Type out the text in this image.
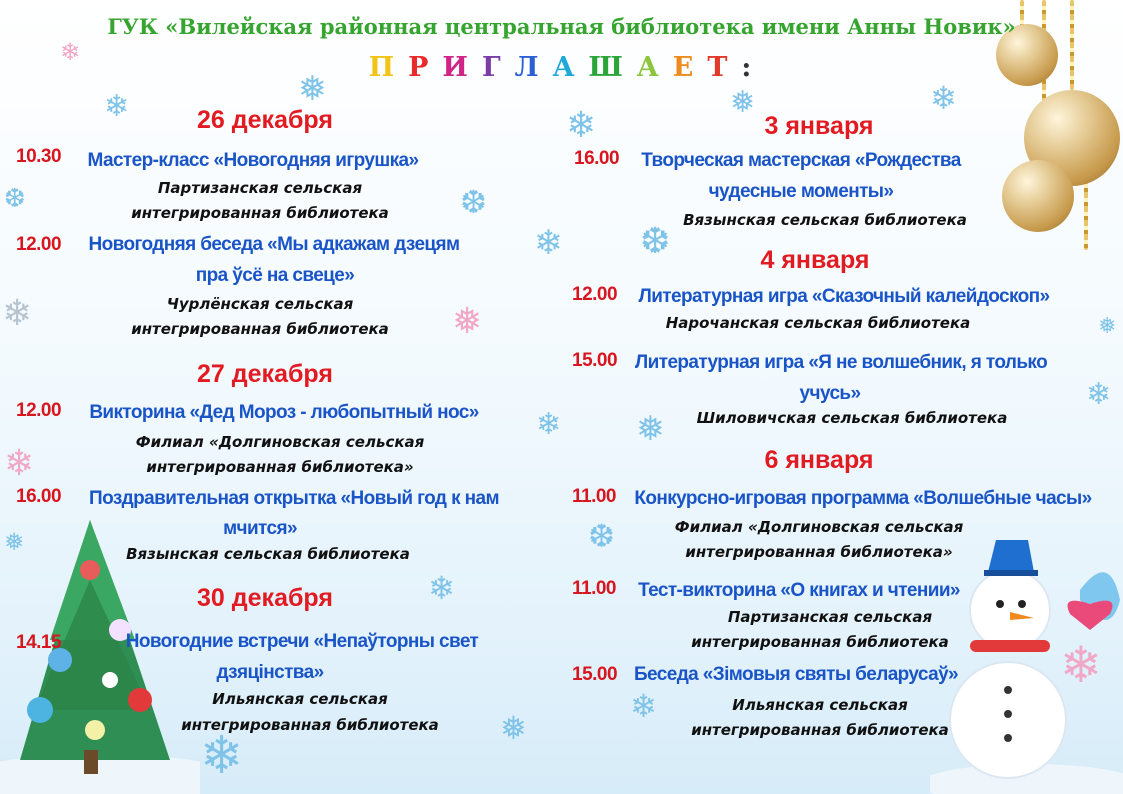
❄	❅
❄
❆
❄
❄
❅
❆
❄
❅
❄
❆
❅	❄
❅
❄
❆
❄
❅
❄
❄
❅
❄
❄
ГУК «Вилейская районная центральная библиотека имени Анны Новик»
П Р И Г Л А Ш А Е Т :
26 декабря
10.30	Мастер-класс «Новогодняя игрушка»
Партизанская сельская
интегрированная библиотека
12.00	Новогодняя беседа «Мы адкажам дзецям
пра ўсё на свеце»
Чурлёнская сельская
интегрированная библиотека
27 декабря
12.00	Викторина «Дед Мороз - любопытный нос»
Филиал «Долгиновская сельская
интегрированная библиотека»
16.00	Поздравительная открытка «Новый год к нам
мчится»
Вязынская сельская библиотека
30 декабря
14.15	Новогодние встречи «Непаўторны свет
дзяцінства»
Ильянская сельская
интегрированная библиотека
3 января
16.00	Творческая мастерская «Рождества
чудесные моменты»
Вязынская сельская библиотека
4 января
12.00	Литературная игра «Сказочный калейдоскоп»
Нарочанская сельская библиотека
15.00 Литературная игра «Я не волшебник, я только
учусь»
Шиловичская сельская библиотека
6 января
11.00 Конкурсно-игровая программа «Волшебные часы»
Филиал «Долгиновская сельская
интегрированная библиотека»
11.00	Тест-викторина «О книгах и чтении»
Партизанская сельская
интегрированная библиотека
15.00 Беседа «Зімовыя святы беларусаў»
Ильянская сельская
интегрированная библиотека
